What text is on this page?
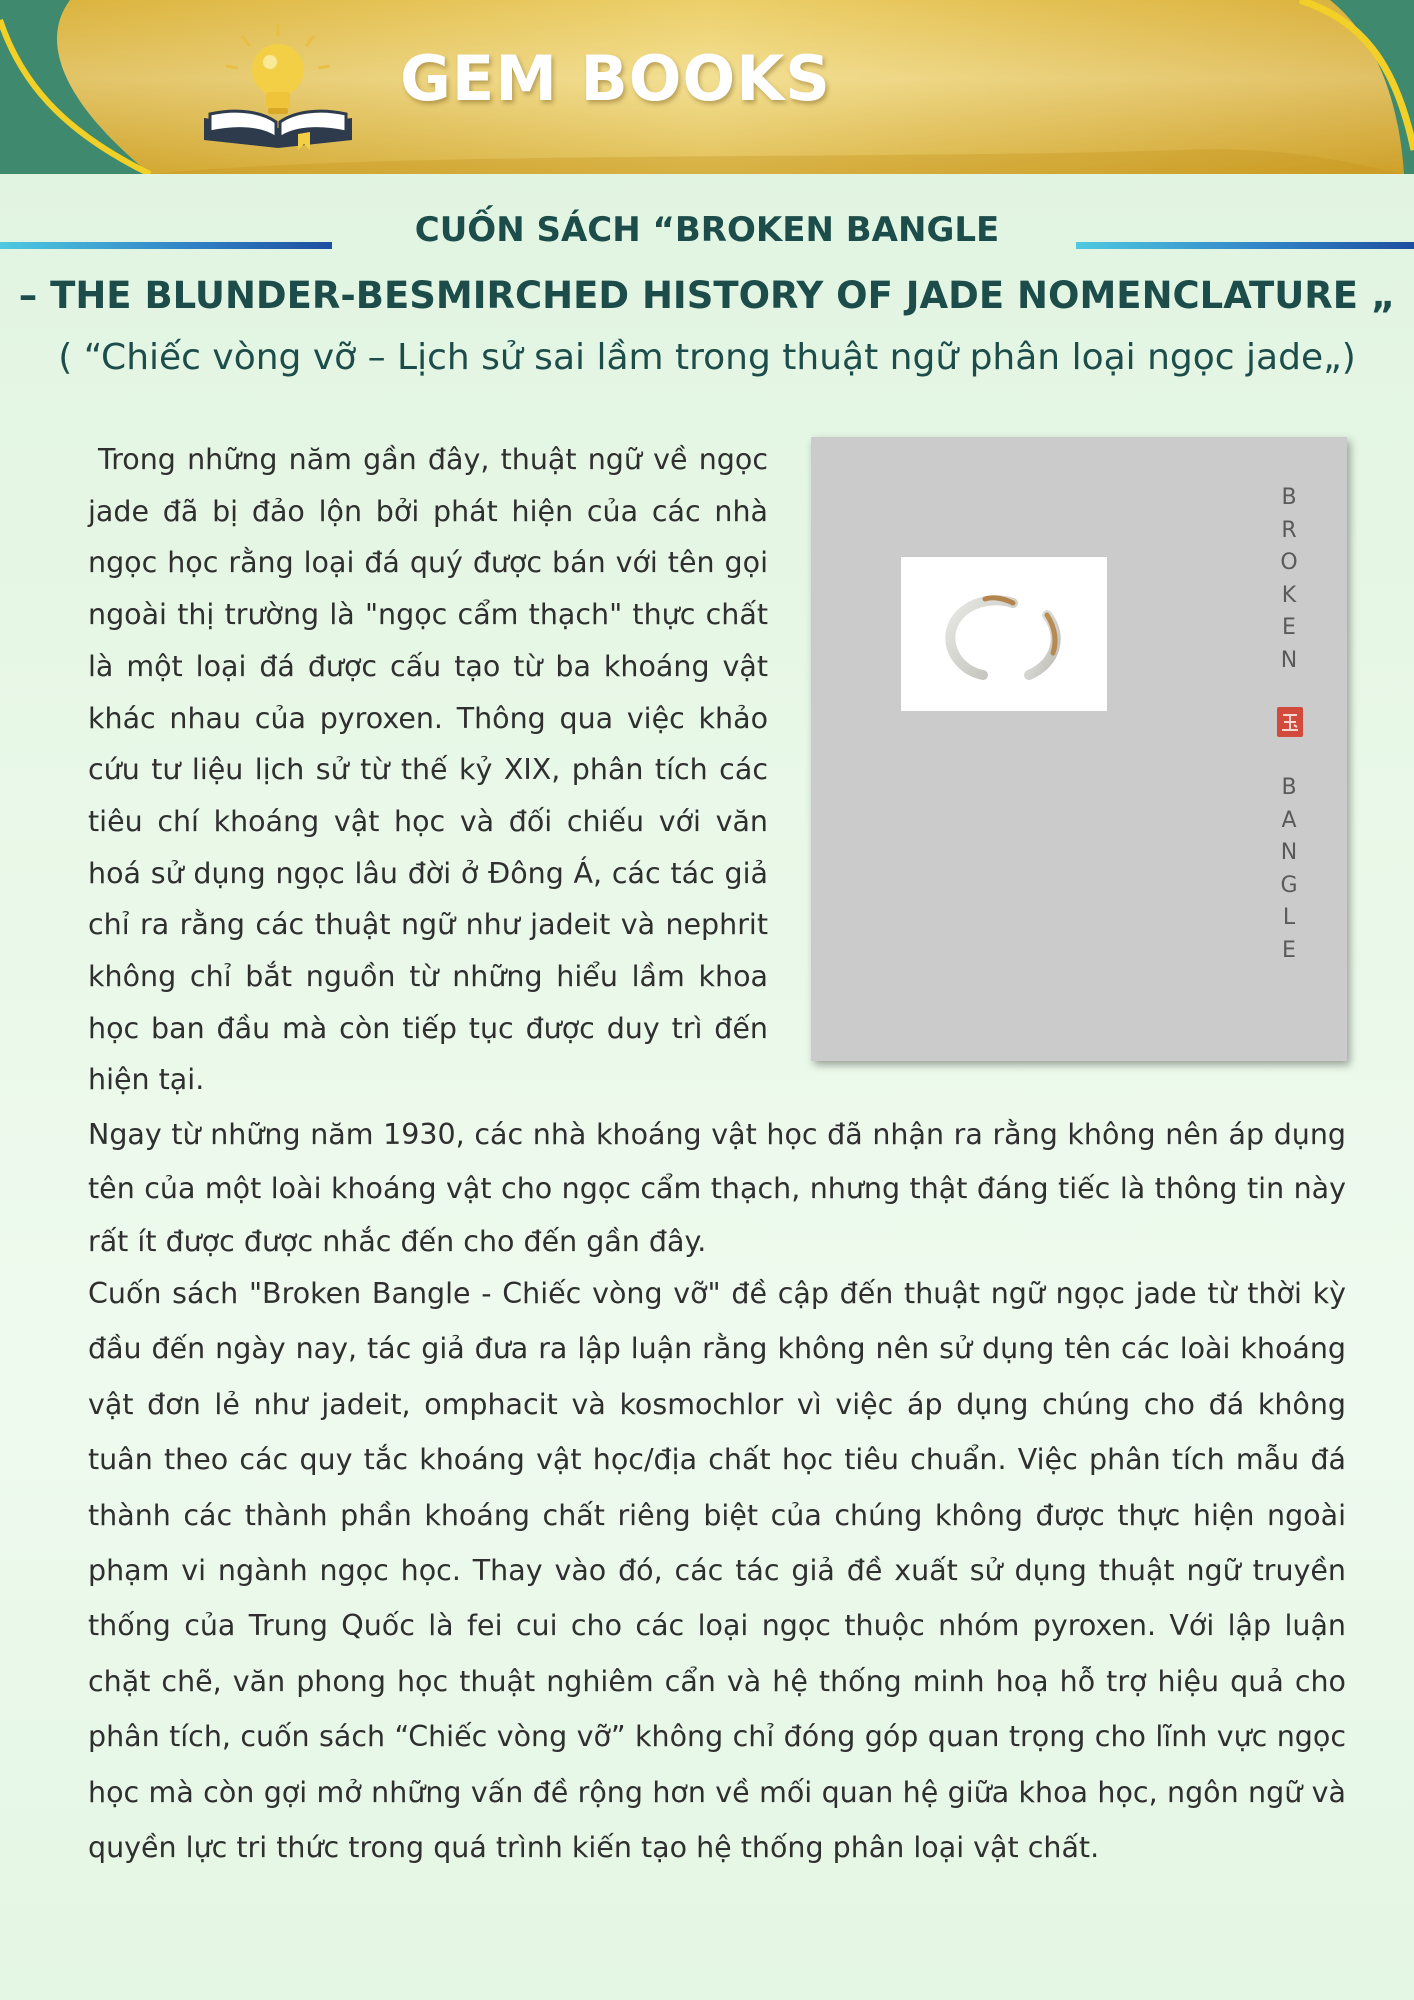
GEM BOOKS
CUỐN SÁCH “BROKEN BANGLE
– THE BLUNDER-BESMIRCHED HISTORY OF JADE NOMENCLATURE „
( “Chiếc vòng vỡ – Lịch sử sai lầm trong thuật ngữ phân loại ngọc jade„)
B
R
O
K
E
N
B
A
N
G
L
E

Trong những năm gần đây, thuật ngữ về ngọc jade đã bị đảo lộn bởi phát hiện của các nhà ngọc học rằng loại đá quý được bán với tên gọi ngoài thị trường là "ngọc cẩm thạch" thực chất là một loại đá được cấu tạo từ ba khoáng vật khác nhau của pyroxen. Thông qua việc khảo cứu tư liệu lịch sử từ thế kỷ XIX, phân tích các tiêu chí khoáng vật học và đối chiếu với văn hoá sử dụng ngọc lâu đời ở Đông Á, các tác giả chỉ ra rằng các thuật ngữ như jadeit và nephrit không chỉ bắt nguồn từ những hiểu lầm khoa học ban đầu mà còn tiếp tục được duy trì đến hiện tại.

Ngay từ những năm 1930, các nhà khoáng vật học đã nhận ra rằng không nên áp dụng tên của một loài khoáng vật cho ngọc cẩm thạch, nhưng thật đáng tiếc là thông tin này rất ít được được nhắc đến cho đến gần đây.

Cuốn sách "Broken Bangle - Chiếc vòng vỡ" đề cập đến thuật ngữ ngọc jade từ thời kỳ đầu đến ngày nay, tác giả đưa ra lập luận rằng không nên sử dụng tên các loài khoáng vật đơn lẻ như jadeit, omphacit và kosmochlor vì việc áp dụng chúng cho đá không tuân theo các quy tắc khoáng vật học/địa chất học tiêu chuẩn. Việc phân tích mẫu đá thành các thành phần khoáng chất riêng biệt của chúng không được thực hiện ngoài phạm vi ngành ngọc học. Thay vào đó, các tác giả đề xuất sử dụng thuật ngữ truyền thống của Trung Quốc là fei cui cho các loại ngọc thuộc nhóm pyroxen. Với lập luận chặt chẽ, văn phong học thuật nghiêm cẩn và hệ thống minh hoạ hỗ trợ hiệu quả cho phân tích, cuốn sách “Chiếc vòng vỡ” không chỉ đóng góp quan trọng cho lĩnh vực ngọc học mà còn gợi mở những vấn đề rộng hơn về mối quan hệ giữa khoa học, ngôn ngữ và quyền lực tri thức trong quá trình kiến tạo hệ thống phân loại vật chất.
